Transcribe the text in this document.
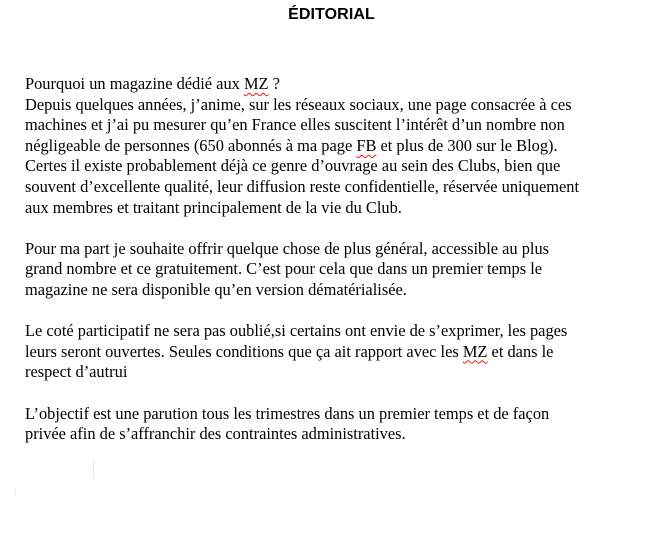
ÉDITORIAL

Pourquoi un magazine dédié aux MZ ?
Depuis quelques années, j’anime, sur les réseaux sociaux, une page consacrée à ces
machines et j’ai pu mesurer qu’en France elles suscitent l’intérêt d’un nombre non
négligeable de personnes (650 abonnés à ma page FB et plus de 300 sur le Blog).
Certes il existe probablement déjà ce genre d’ouvrage au sein des Clubs, bien que
souvent d’excellente qualité, leur diffusion reste confidentielle, réservée uniquement
aux membres et traitant principalement de la vie du Club.

Pour ma part je souhaite offrir quelque chose de plus général, accessible au plus
grand nombre et ce gratuitement. C’est pour cela que dans un premier temps le
magazine ne sera disponible qu’en version dématérialisée.

Le coté participatif ne sera pas oublié,si certains ont envie de s’exprimer, les pages
leurs seront ouvertes. Seules conditions que ça ait rapport avec les MZ et dans le
respect d’autrui

L’objectif est une parution tous les trimestres dans un premier temps et de façon
privée afin de s’affranchir des contraintes administratives.
